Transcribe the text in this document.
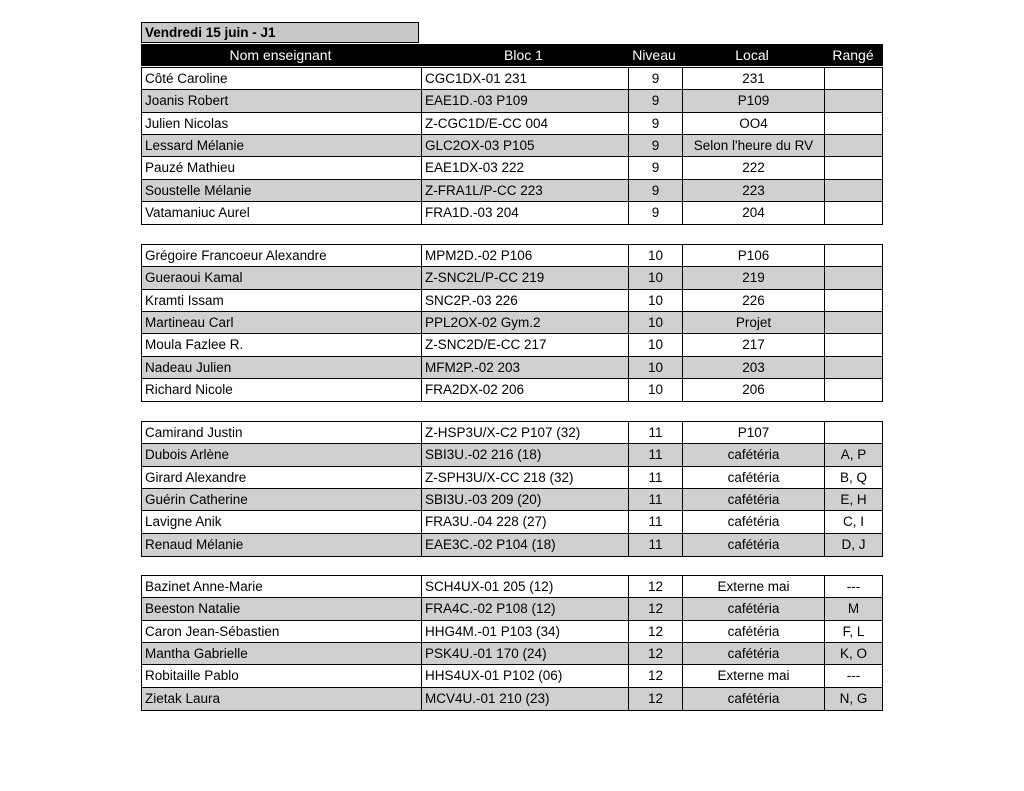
Vendredi 15 juin - J1
Nom enseignant	Bloc 1	Niveau	Local	Rangé
Côté Caroline	CGC1DX-01 231	9	231
Joanis Robert	EAE1D.-03 P109	9	P109
Julien Nicolas	Z-CGC1D/E-CC 004	9	OO4
Lessard Mélanie	GLC2OX-03 P105	9	Selon l'heure du RV
Pauzé Mathieu	EAE1DX-03 222	9	222
Soustelle Mélanie	Z-FRA1L/P-CC 223	9	223
Vatamaniuc Aurel	FRA1D.-03 204	9	204
Grégoire Francoeur Alexandre	MPM2D.-02 P106	10	P106
Gueraoui Kamal	Z-SNC2L/P-CC 219	10	219
Kramti Issam	SNC2P.-03 226	10	226
Martineau Carl	PPL2OX-02 Gym.2	10	Projet
Moula Fazlee R.	Z-SNC2D/E-CC 217	10	217
Nadeau Julien	MFM2P.-02 203	10	203
Richard Nicole	FRA2DX-02 206	10	206
Camirand Justin	Z-HSP3U/X-C2 P107 (32)	11	P107
Dubois Arlène	SBI3U.-02 216 (18)	11	cafétéria	A, P
Girard Alexandre	Z-SPH3U/X-CC 218 (32)	11	cafétéria	B, Q
Guérin Catherine	SBI3U.-03 209 (20)	11	cafétéria	E, H
Lavigne Anik	FRA3U.-04 228 (27)	11	cafétéria	C, I
Renaud Mélanie	EAE3C.-02 P104 (18)	11	cafétéria	D, J
Bazinet Anne-Marie	SCH4UX-01 205 (12)	12	Externe mai	---
Beeston Natalie	FRA4C.-02 P108 (12)	12	cafétéria	M
Caron Jean-Sébastien	HHG4M.-01 P103 (34)	12	cafétéria	F, L
Mantha Gabrielle	PSK4U.-01 170 (24)	12	cafétéria	K, O
Robitaille Pablo	HHS4UX-01 P102 (06)	12	Externe mai	---
Zietak Laura	MCV4U.-01 210 (23)	12	cafétéria	N, G
